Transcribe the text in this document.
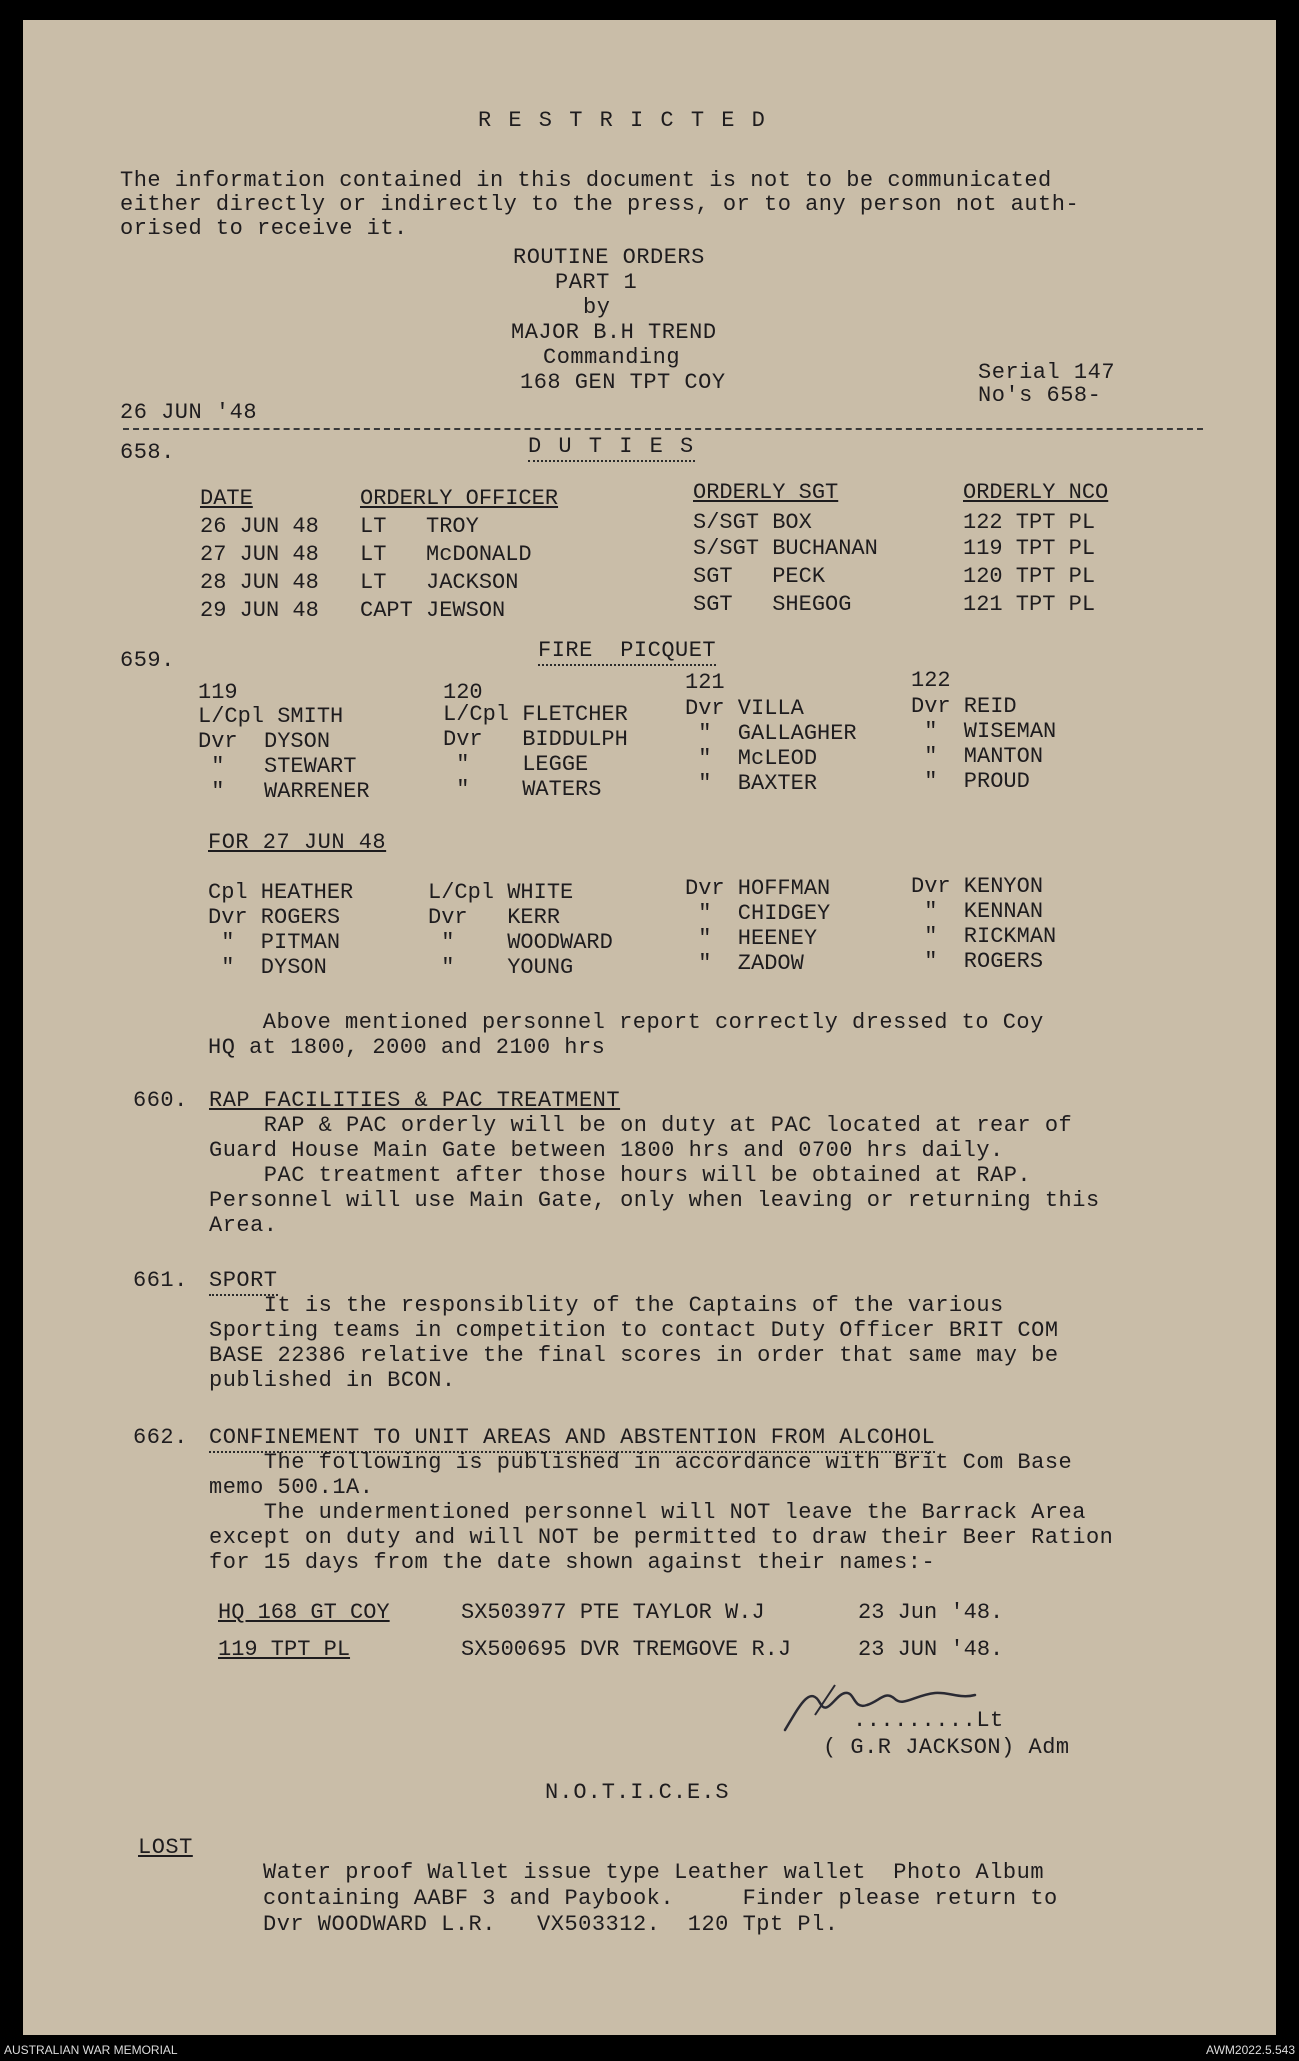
R E S T R I C T E D
The information contained in this document is not to be communicated
either directly or indirectly to the press, or to any person not auth-
orised to receive it.
ROUTINE ORDERS
PART 1
by
MAJOR B.H TREND
Commanding
168 GEN TPT COY	Serial 147
No's 658-
26 JUN '48
658.	D U T I E S
DATE	ORDERLY OFFICER	ORDERLY SGT	ORDERLY NCO
26 JUN 48 LT   TROY	S/SGT BOX	122 TPT PL
27 JUN 48 LT   McDONALD	S/SGT BUCHANAN	119 TPT PL
28 JUN 48 LT   JACKSON	SGT   PECK	120 TPT PL
29 JUN 48 CAPT JEWSON	SGT   SHEGOG	121 TPT PL
659.	FIRE  PICQUET
119	120	121	122
L/Cpl SMITH	L/Cpl FLETCHER	Dvr VILLA	Dvr REID
Dvr  DYSON	Dvr   BIDDULPH	"  GALLAGHER "  WISEMAN
"   STEWART	"    LEGGE	"  McLEOD	"  MANTON
"   WARRENER	"    WATERS	"  BAXTER	"  PROUD
FOR 27 JUN 48
Cpl HEATHER	L/Cpl WHITE	Dvr HOFFMAN	Dvr KENYON
Dvr ROGERS	Dvr   KERR	"  CHIDGEY	"  KENNAN
"  PITMAN	"    WOODWARD	"  HEENEY	"  RICKMAN
"  DYSON	"    YOUNG	"  ZADOW	"  ROGERS
Above mentioned personnel report correctly dressed to Coy
HQ at 1800, 2000 and 2100 hrs
660. RAP FACILITIES & PAC TREATMENT
RAP & PAC orderly will be on duty at PAC located at rear of
Guard House Main Gate between 1800 hrs and 0700 hrs daily.
PAC treatment after those hours will be obtained at RAP.
Personnel will use Main Gate, only when leaving or returning this
Area.
661. SPORT
It is the responsiblity of the Captains of the various
Sporting teams in competition to contact Duty Officer BRIT COM
BASE 22386 relative the final scores in order that same may be
published in BCON.
662. CONFINEMENT TO UNIT AREAS AND ABSTENTION FROM ALCOHOL
The following is published in accordance with Brit Com Base
memo 500.1A.
The undermentioned personnel will NOT leave the Barrack Area
except on duty and will NOT be permitted to draw their Beer Ration
for 15 days from the date shown against their names:-
HQ 168 GT COY	SX503977 PTE TAYLOR W.J	23 Jun '48.
119 TPT PL	SX500695 DVR TREMGOVE R.J	23 JUN '48.
.........Lt
( G.R JACKSON) Adm
N.O.T.I.C.E.S
LOST
Water proof Wallet issue type Leather wallet  Photo Album
containing AABF 3 and Paybook.     Finder please return to
Dvr WOODWARD L.R.   VX503312.  120 Tpt Pl.
AUSTRALIAN WAR MEMORIAL	AWM2022.5.543
